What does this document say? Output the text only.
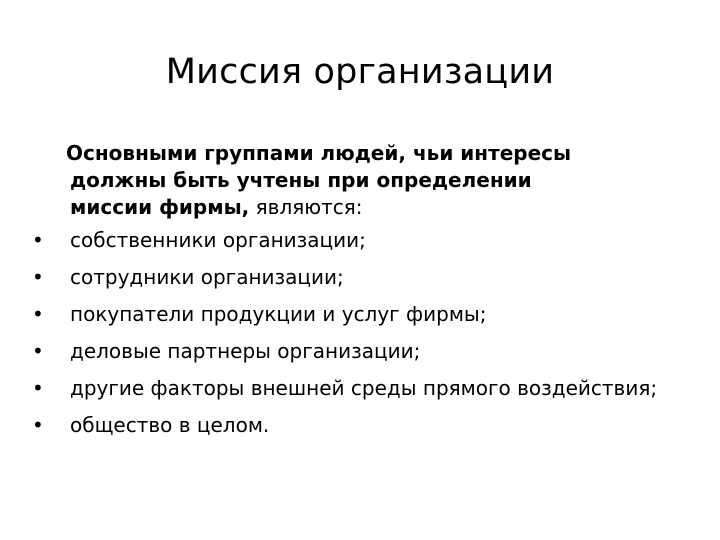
Миссия организации

Основными группами людей, чьи интересы
должны быть учтены при определении
миссии фирмы, являются:

• собственники организации;
• сотрудники организации;
• покупатели продукции и услуг фирмы;
• деловые партнеры организации;
• другие факторы внешней среды прямого воздействия;
• общество в целом.
